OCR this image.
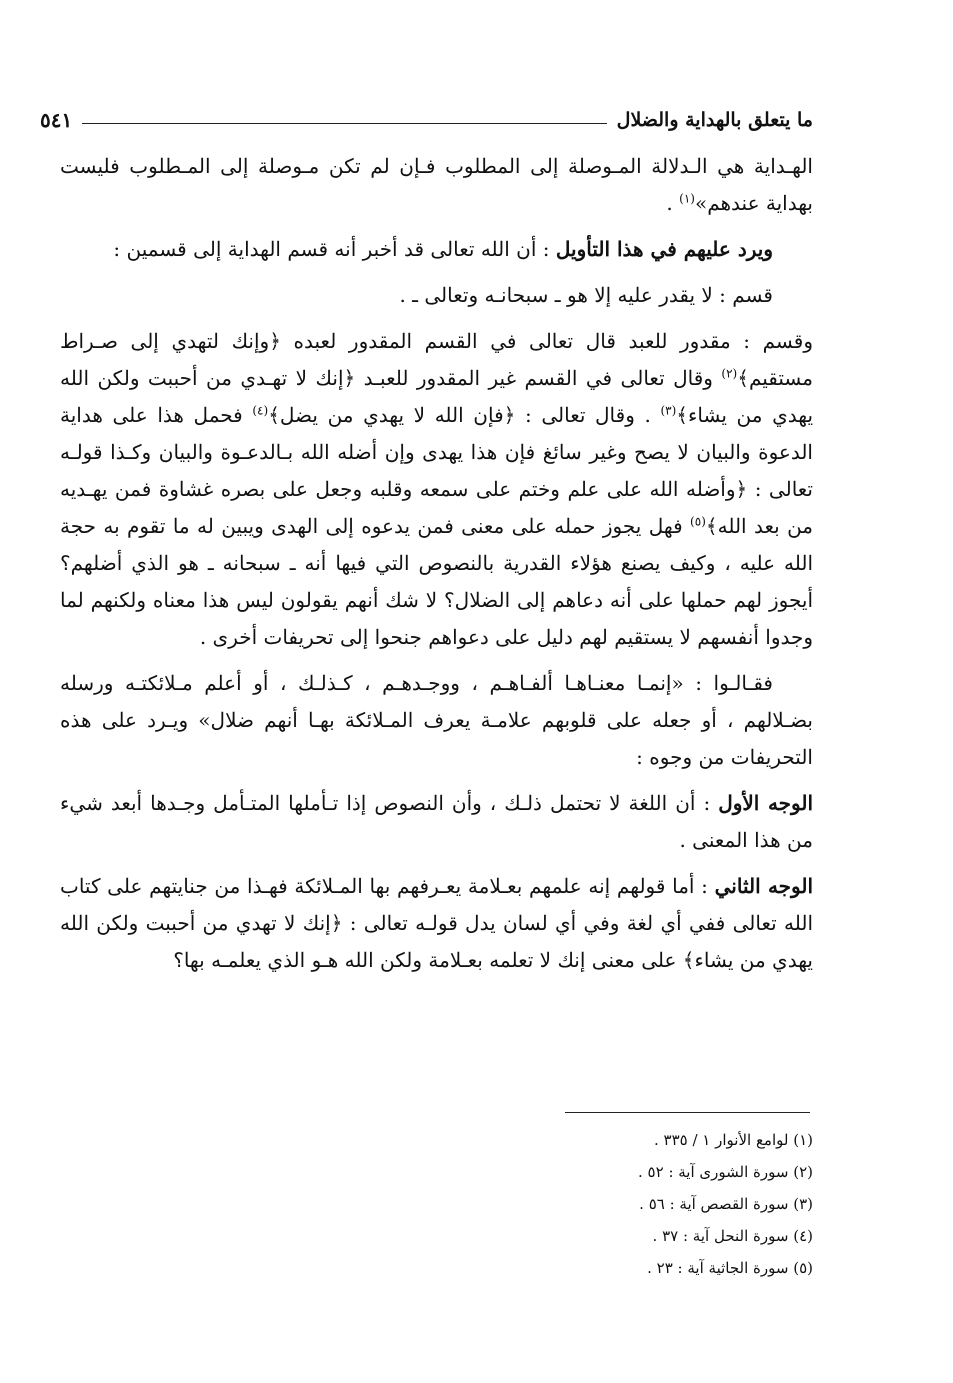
ما يتعلق بالهداية والضلال
٥٤١

الهـداية هي الـدلالة المـوصلة إلى المطلوب فـإن لم تكن مـوصلة إلى المـطلوب فليست بهداية عندهم»$^{(١)}$ .

ويرد عليهم في هذا التأويل : أن الله تعالى قد أخبر أنه قسم الهداية إلى قسمين :

قسم : لا يقدر عليه إلا هو ـ سبحانـه وتعالى ـ .

وقسم : مقدور للعبد قال تعالى في القسم المقدور لعبده ﴿وإنك لتهدي إلى صـراط مستقيم﴾$^{(٢)}$ وقال تعالى في القسم غير المقدور للعبـد ﴿إنك لا تهـدي من أحببت ولكن الله يهدي من يشاء﴾$^{(٣)}$ . وقال تعالى : ﴿فإن الله لا يهدي من يضل﴾$^{(٤)}$ فحمل هذا على هداية الدعوة والبيان لا يصح وغير سائغ فإن هذا يهدى وإن أضله الله بـالدعـوة والبيان وكـذا قولـه تعالى : ﴿وأضله الله على علم وختم على سمعه وقلبه وجعل على بصره غشاوة فمن يهـديه من بعد الله﴾$^{(٥)}$ فهل يجوز حمله على معنى فمن يدعوه إلى الهدى ويبين له ما تقوم به حجة الله عليه ، وكيف يصنع هؤلاء القدرية بالنصوص التي فيها أنه ـ سبحانه ـ هو الذي أضلهم؟ أيجوز لهم حملها على أنه دعاهم إلى الضلال؟ لا شك أنهم يقولون ليس هذا معناه ولكنهم لما وجدوا أنفسهم لا يستقيم لهم دليل على دعواهم جنحوا إلى تحريفات أخرى .

فقـالـوا : «إنمـا معنـاهـا ألفـاهـم ، ووجـدهـم ، كـذلـك ، أو أعلم مـلائكتـه ورسله بضـلالهم ، أو جعله على قلوبهم علامـة يعرف المـلائكة بهـا أنهم ضلال» ويـرد على هذه التحريفات من وجوه :

الوجه الأول : أن اللغة لا تحتمل ذلـك ، وأن النصوص إذا تـأملها المتـأمل وجـدها أبعد شيء من هذا المعنى .

الوجه الثاني : أما قولهم إنه علمهم بعـلامة يعـرفهم بها المـلائكة فهـذا من جنايتهم على كتاب الله تعالى ففي أي لغة وفي أي لسان يدل قولـه تعالى : ﴿إنك لا تهدي من أحببت ولكن الله يهدي من يشاء﴾ على معنى إنك لا تعلمه بعـلامة ولكن الله هـو الذي يعلمـه بها؟

(١) لوامع الأنوار ١ / ٣٣٥ .
(٢) سورة الشورى آية : ٥٢ .
(٣) سورة القصص آية : ٥٦ .
(٤) سورة النحل آية : ٣٧ .
(٥) سورة الجاثية آية : ٢٣ .
